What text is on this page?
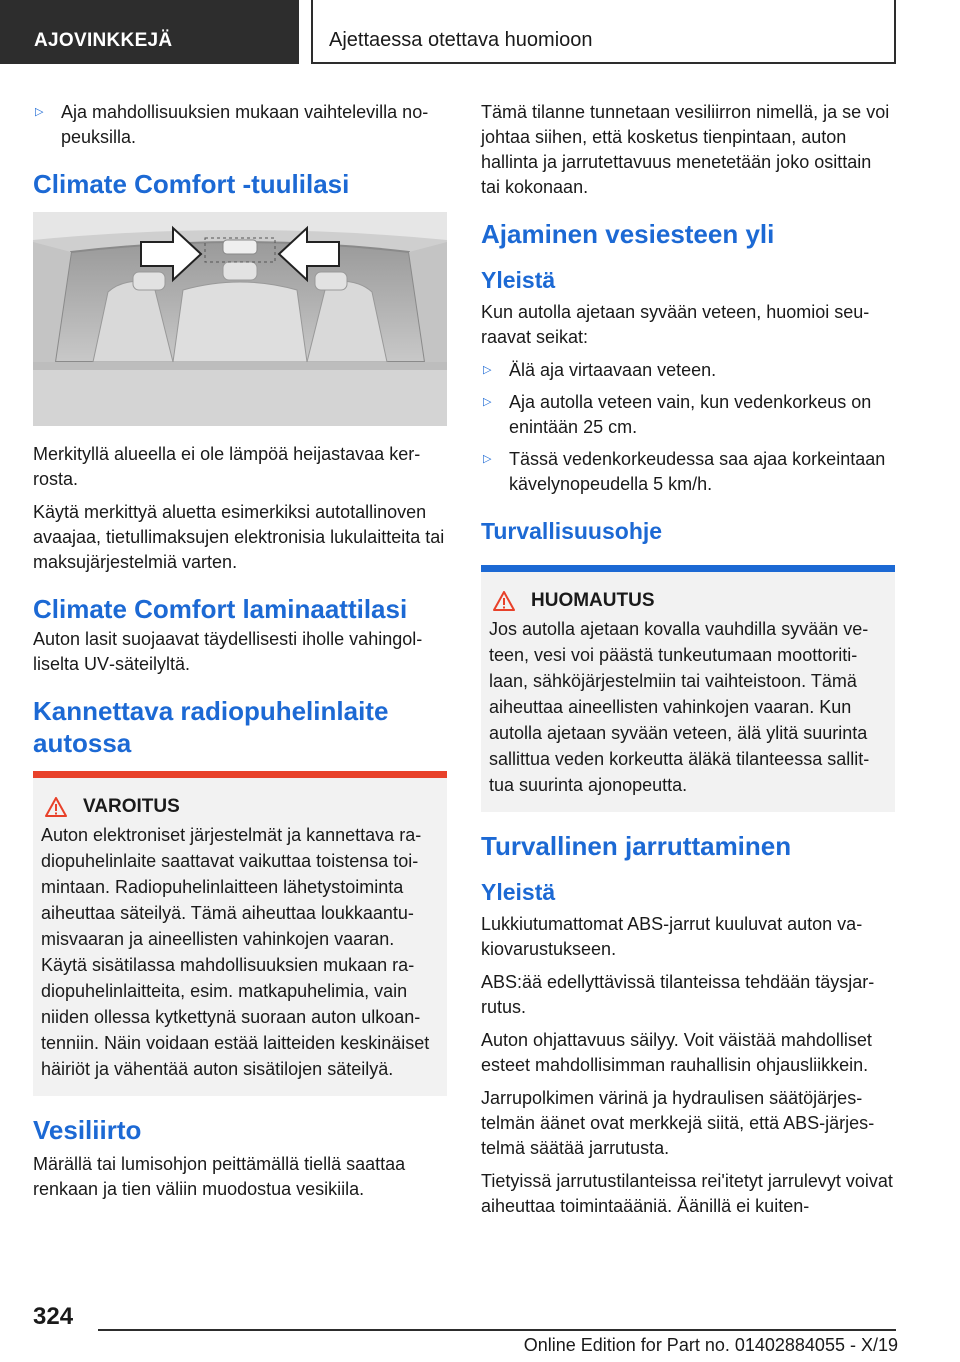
AJOVINKKEJÄ	Ajettaessa otettava huomioon
▷ Aja mahdollisuuksien mukaan vaihtelevilla nopeuksilla.
Climate Comfort ‑tuulilasi

Merkityllä alueella ei ole lämpöä heijastavaa kerrosta.

Käytä merkittyä aluetta esimerkiksi autotallinoven avaajaa, tietullimaksujen elektronisia lukulaitteita tai maksujärjestelmiä varten.

Climate Comfort laminaattilasi

Auton lasit suojaavat täydellisesti iholle vahingolliselta UV‑säteilyltä.

Kannettava radiopuhelinlaite autossa
VAROITUS

Auton elektroniset järjestelmät ja kannettava radiopuhelinlaite saattavat vaikuttaa toistensa toimintaan. Radiopuhelinlaitteen lähetystoiminta aiheuttaa säteilyä. Tämä aiheuttaa loukkaantumisvaaran ja aineellisten vahinkojen vaaran. Käytä sisätilassa mahdollisuuksien mukaan radiopuhelinlaitteita, esim. matkapuhelimia, vain niiden ollessa kytkettynä suoraan auton ulkoantenniin. Näin voidaan estää laitteiden keskinäiset häiriöt ja vähentää auton sisätilojen säteilyä.

Vesiliirto

Märällä tai lumisohjon peittämällä tiellä saattaa renkaan ja tien väliin muodostua vesikiila.

Tämä tilanne tunnetaan vesiliirron nimellä, ja se voi johtaa siihen, että kosketus tienpintaan, auton hallinta ja jarrutettavuus menetetään joko osittain tai kokonaan.

Ajaminen vesiesteen yli
Yleistä

Kun autolla ajetaan syvään veteen, huomioi seuraavat seikat:

▷ Älä aja virtaavaan veteen.
▷ Aja autolla veteen vain, kun vedenkorkeus on enintään 25 cm.
▷ Tässä vedenkorkeudessa saa ajaa korkeintaan kävelynopeudella 5 km/h.
Turvallisuusohje
HUOMAUTUS

Jos autolla ajetaan kovalla vauhdilla syvään veteen, vesi voi päästä tunkeutumaan moottoritilaan, sähköjärjestelmiin tai vaihteistoon. Tämä aiheuttaa aineellisten vahinkojen vaaran. Kun autolla ajetaan syvään veteen, älä ylitä suurinta sallittua veden korkeutta äläkä tilanteessa sallittua suurinta ajonopeutta.

Turvallinen jarruttaminen
Yleistä

Lukkiutumattomat ABS‑jarrut kuuluvat auton vakiovarustukseen.

ABS:ää edellyttävissä tilanteissa tehdään täysjarrutus.

Auton ohjattavuus säilyy. Voit väistää mahdolliset esteet mahdollisimman rauhallisin ohjausliikkein.

Jarrupolkimen värinä ja hydraulisen säätöjärjestelmän äänet ovat merkkejä siitä, että ABS‑järjestelmä säätää jarrutusta.

Tietyissä jarrutustilanteissa rei'itetyt jarrulevyt voivat aiheuttaa toimintaääniä. Äänillä ei kuiten‑

324
Online Edition for Part no. 01402884055 - X/19
